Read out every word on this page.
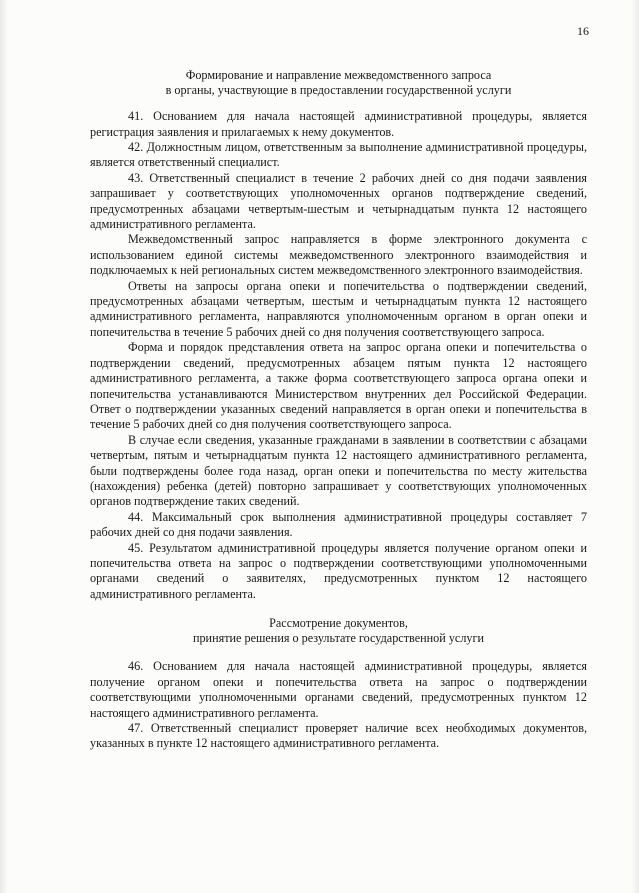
16

Формирование и направление межведомственного запроса
в органы, участвующие в предоставлении государственной услуги

41. Основанием для начала настоящей административной процедуры, является регистрация заявления и прилагаемых к нему документов.

42. Должностным лицом, ответственным за выполнение административной процедуры, является ответственный специалист.

43. Ответственный специалист в течение 2 рабочих дней со дня подачи заявления запрашивает у соответствующих уполномоченных органов подтверждение сведений, предусмотренных абзацами четвертым-шестым и четырнадцатым пункта 12 настоящего административного регламента.

Межведомственный запрос направляется в форме электронного документа с использованием единой системы межведомственного электронного взаимодействия и подключаемых к ней региональных систем межведомственного электронного взаимодействия.

Ответы на запросы органа опеки и попечительства о подтверждении сведений, предусмотренных абзацами четвертым, шестым и четырнадцатым пункта 12 настоящего административного регламента, направляются уполномоченным органом в орган опеки и попечительства в течение 5 рабочих дней со дня получения соответствующего запроса.

Форма и порядок представления ответа на запрос органа опеки и попечительства о подтверждении сведений, предусмотренных абзацем пятым пункта 12 настоящего административного регламента, а также форма соответствующего запроса органа опеки и попечительства устанавливаются Министерством внутренних дел Российской Федерации. Ответ о подтверждении указанных сведений направляется в орган опеки и попечительства в течение 5 рабочих дней со дня получения соответствующего запроса.

В случае если сведения, указанные гражданами в заявлении в соответствии с абзацами четвертым, пятым и четырнадцатым пункта 12 настоящего административного регламента, были подтверждены более года назад, орган опеки и попечительства по месту жительства (нахождения) ребенка (детей) повторно запрашивает у соответствующих уполномоченных органов подтверждение таких сведений.

44. Максимальный срок выполнения административной процедуры составляет 7 рабочих дней со дня подачи заявления.

45. Результатом административной процедуры является получение органом опеки и попечительства ответа на запрос о подтверждении соответствующими уполномоченными органами сведений о заявителях, предусмотренных пунктом 12 настоящего административного регламента.

Рассмотрение документов,
принятие решения о результате государственной услуги

46. Основанием для начала настоящей административной процедуры, является получение органом опеки и попечительства ответа на запрос о подтверждении соответствующими уполномоченными органами сведений, предусмотренных пунктом 12 настоящего административного регламента.

47. Ответственный специалист проверяет наличие всех необходимых документов, указанных в пункте 12 настоящего административного регламента.
